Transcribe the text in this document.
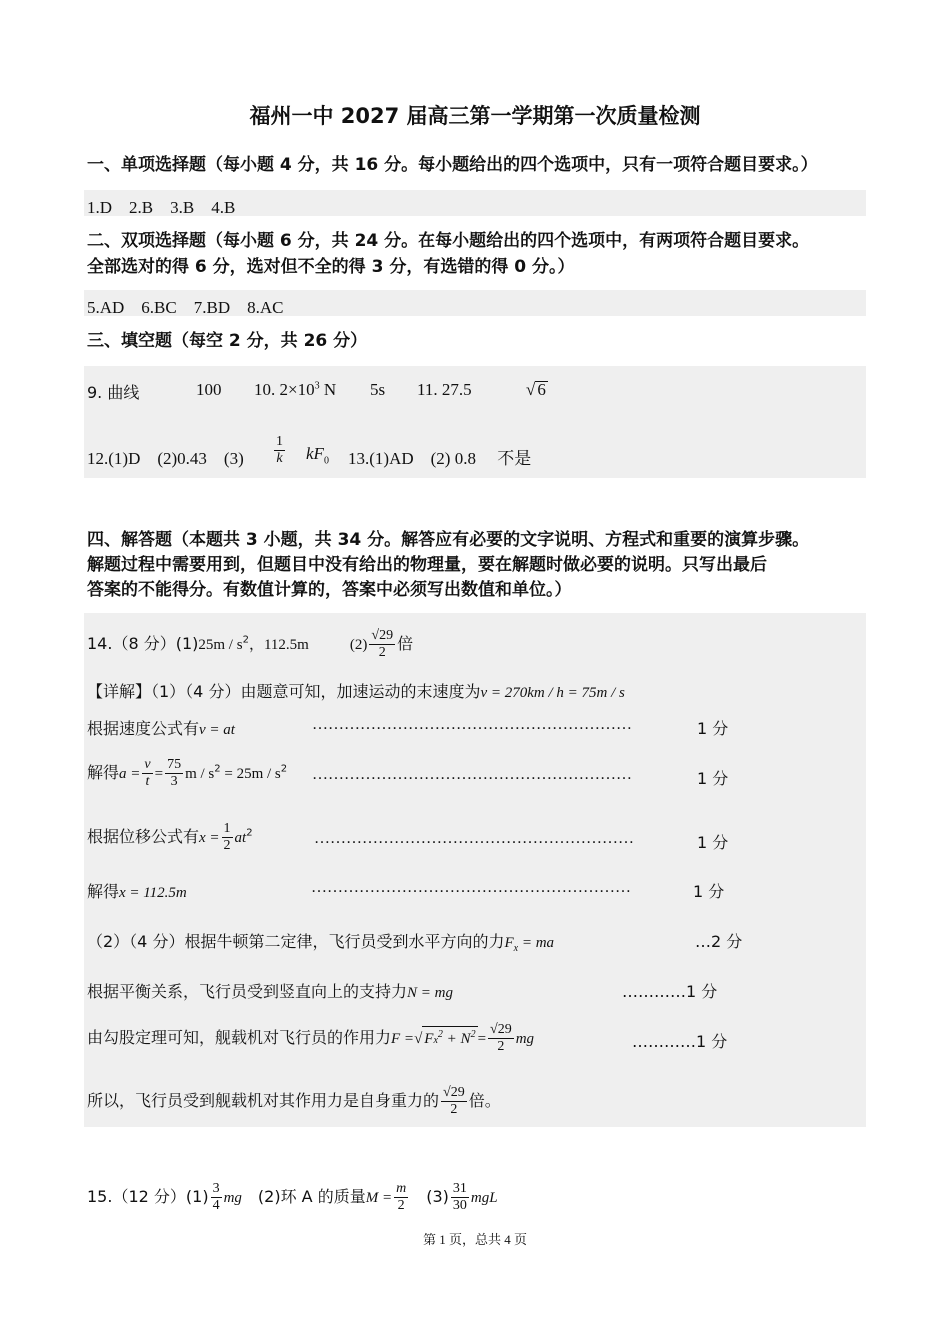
福州一中 2027 届高三第一学期第一次质量检测
一、单项选择题（每小题 4 分，共 16 分。每小题给出的四个选项中，只有一项符合题目要求。）
1.D　2.B　3.B　4.B
二、双项选择题（每小题 6 分，共 24 分。在每小题给出的四个选项中，有两项符合题目要求。
全部选对的得 6 分，选对但不全的得 3 分，有选错的得 0 分。）
5.AD　6.BC　7.BD　8.AC
三、填空题（每空 2 分，共 26 分）
9. 曲线	100 10. $2\times 10^3$ N 5s 11. 27.5	√ 6
12.(1)D　(2)0.43　$(3) \frac{1}{k} kF_0$ 13.(1)AD　(2) 0.8　 不是
四、解答题（本题共 3 小题，共 34 分。解答应有必要的文字说明、方程式和重要的演算步骤。
解题过程中需要用到，但题目中没有给出的物理量，要在解题时做必要的说明。只写出最后
答案的不能得分。有数值计算的，答案中必须写出数值和单位。）
14.（8 分）$(1)25m / s^2$，112.5m	$(2) \frac{√29}{2}$ 倍
【详解】（1）（4 分）由题意可知，加速运动的末速度为v = 270km / h = 75m / s
根据速度公式有v = at	……………………………………………………	1 分
解得$a = \frac{v}{t} = \frac{75}{3}$ $m / s^2 = 25m / s^2$ ……………………………………………………	1 分
根据位移公式有$x = \frac{1}{2} at^2$	……………………………………………………	1 分
解得x = 112.5m	……………………………………………………	1 分
（2）（4 分）根据牛顿第二定律，飞行员受到水平方向的力$F_x$ = ma	…2 分
根据平衡关系，飞行员受到竖直向上的支持力N = mg	…………1 分
由勾股定理可知，舰载机对飞行员的作用力F =√ $Fx^2 + N^2 = \frac{√29}{2}$ mg	…………1 分
所以，飞行员受到舰载机对其作用力是自身重力的 $\frac{√29}{2}$ 倍。
15.（12 分）$(1) \frac{3}{4}$ mg　(2)环 A 的质量$M = \frac{m}{2}$ 　$(3) \frac{31}{30}$ mgL
第 1 页，总共 4 页
